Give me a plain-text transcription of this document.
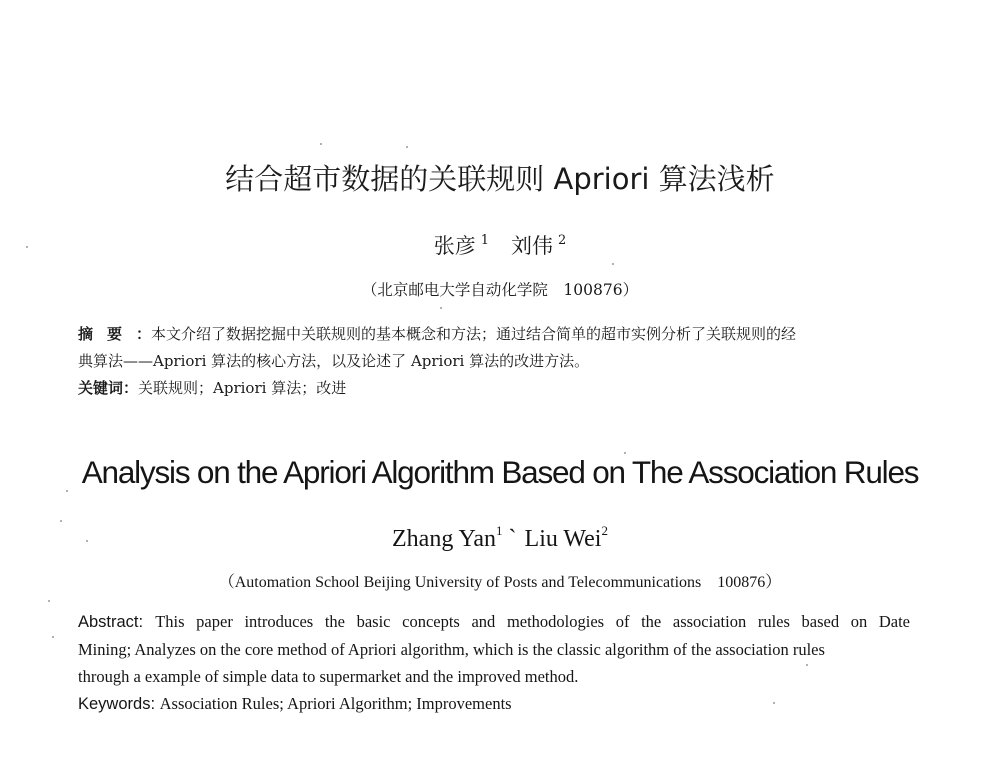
结合超市数据的关联规则 Apriori 算法浅析
张彦 $^1$ 刘伟 $^2$
（北京邮电大学自动化学院　100876）
摘要：本文介绍了数据挖掘中关联规则的基本概念和方法；通过结合简单的超市实例分析了关联规则的经
典算法——Apriori 算法的核心方法，以及论述了 Apriori 算法的改进方法。
关键词：关联规则；Apriori 算法；改进
Analysis on the Apriori Algorithm Based on The Association Rules
Zhang Yan$^1$ ` Liu Wei$^2$
（Automation School Beijing University of Posts and Telecommunications　100876）
Abstract: This paper introduces the basic concepts and methodologies of the association rules based on Date
Mining; Analyzes on the core method of Apriori algorithm, which is the classic algorithm of the association rules
through a example of simple data to supermarket and the improved method.
Keywords: Association Rules; Apriori Algorithm; Improvements
